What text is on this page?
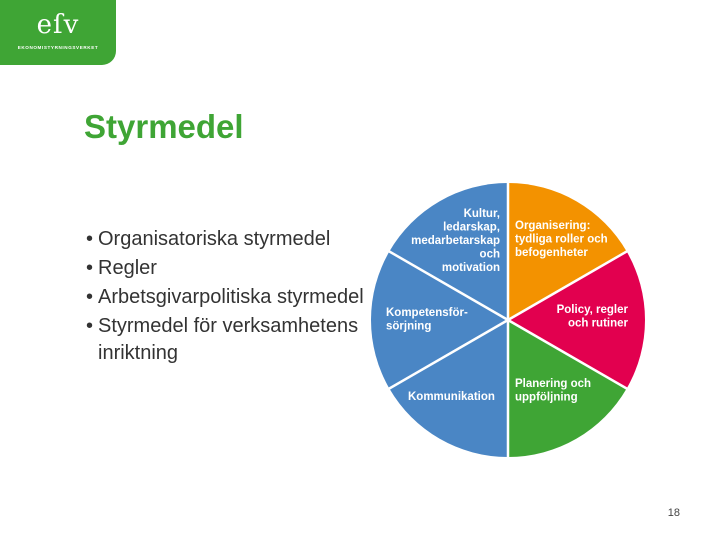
eſv
EKONOMISTYRNINGSVERKET
Styrmedel
• Organisatoriska styrmedel
• Regler
• Arbetsgivarpolitiska styrmedel
• Styrmedel för verksamhetens inriktning
Organisering: tydliga roller och befogenheter
Policy, regler och rutiner
Planering och uppföljning
Kommunikation
Kompetensför-sörjning
Kultur, ledarskap, medarbetarskap och motivation
18
